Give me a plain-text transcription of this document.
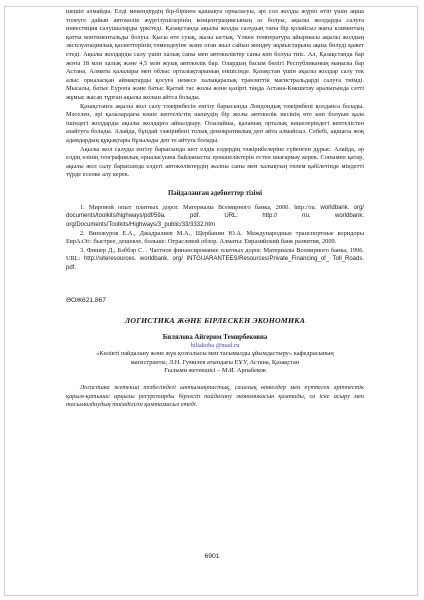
шешіп алмайды. Елді мекендердің бір-бірінен қашықта орналасуы, әрі сол жолды жүріп өтіп үшін аңша толеуге дайын автокөлік жүргізушілерінің концентрациясының аз болуы, ақылы жолдарды салуға инвестиция салушыларды үркітеді. Қазақстанда ақылы жолды салудың тағы бір қолайсыз жағы климаттың қатты континентальды болуы. Қысы өте суық, жазы ыстық. Үлкен температура айырмасы ақылы жолдың эксплуатациялық қасиеттерінің төмендеуіне және оған жыл сайын жөндеу жұмыстарына ақша бөлуді қажет етеді. Ақылы жолдарды салу үшін халық саны мен автокөліктер саны көп болуы тиіс. Ал, Қазақстанда бар жоғы 18 млн халық және 4,5 млн жуық автокөлік бар. Олардың басым бөлігі Республиканың маңызы бар Астана, Алматы қалалары мен облыс орталықтарының еншісінде. Қазақстан үшін ақылы жолдар салу тек алыс орналасқан аймақтарды қосуға немесе халықаралық транзиттік магистральдарді салуға тиімді. Мысалы, батыс Еуропа және батыс Қытай тас жолы және қазіргі таңда Астана-Көкшетау аралығында сәтті жұмыс жасап тұрған ақылы жолын айтса болады.

Қазақстанға ақылы жол салу тәжірибесін енгізу барысында Лондондық тәжірибені қолданса болады. Мәселен, әрі қалалардағы көше кептелістің шешудің бір жолы автокөлік иесінің өте көп болуын қала ішіндегі жолдарды ақылы жолдарға айналдыру. Осылайша, қаланың орталық көшелеріндегі кептелістен азайтуға болады. Алайда, бұндай тәжірибені толық демократиялық деп айта алмайсыз. Себебі, ақшасы жоқ адамдардың құқықтары бұзылады деп те айтуға болады.

Ақылы жол салуды енгізу барысында шет елдік елдердің тәжірибелеріне сүйенген дұрыс. Алайда, әр елдің өзінің географиялық орналасуына байланысты ерекшеліктерін естен шығармау керек. Сонымен қатар, ақылы жол салу барысында елдегі автокөліктердің жалпы саны мен халықтың төлем қабілетінде міндетті түрде есепке алу керек.

Пайдаланған әдебиеттер тізімі

1. Мировой опыт платных дорог. Материалы Всемирного банка, 2000. http://ru. worldbank. org/ documents/toolkits/highways/pdf/59a. pdf. URL: http:// rru. worldbank. org/Documents/Toolkits/Highways/3_public/33/3332.htm

2. Винокуров Е.А., Джадралиев М.А., Щербанин Ю.А. Международные транспортные коридоры ЕврАзЭс: быстрее, дешевле, больше: Отраслевой обзор. Алматы: Евразийский банк развития, 2009.

3. Фишер Д., Бэббэр С. . Частное финансирование платных дорог. Материалы Всемирного банка, 1996. URL: http://siteresources. worldbank. org/ INTGUARANTEES/Resources/Private_Financing_of_ Toll_Roads. pdf.

ӘОЖ621.867

ЛОГИСТИКА ЖӘНЕ БІРЛЕСКЕН ЭКОНОМИКА

Билялова Айгерим Темирбековна

biliakoba @mail.ru

«Көлікті пайдалану және жүк қозғалысы мен тасымалды ұйымдастыру» кафедрасының

магистранты, Л.Н. Гумилев атындағы ЕҰУ, Астана, Қазақстан

Ғылыми жетекшісі – М.И. Арпабеков

Логистика жетекші тізбегіндегі ынтымақтастық, салалық өткелдер мен күтпеген әріптестік қарым-қатынас арқылы ресурстарды бірлесіп пайдалану экономикасын қамтиды, ол іске асыру мен тасымалдаудың тиімділігін қамтамасыз етеді.

6901
